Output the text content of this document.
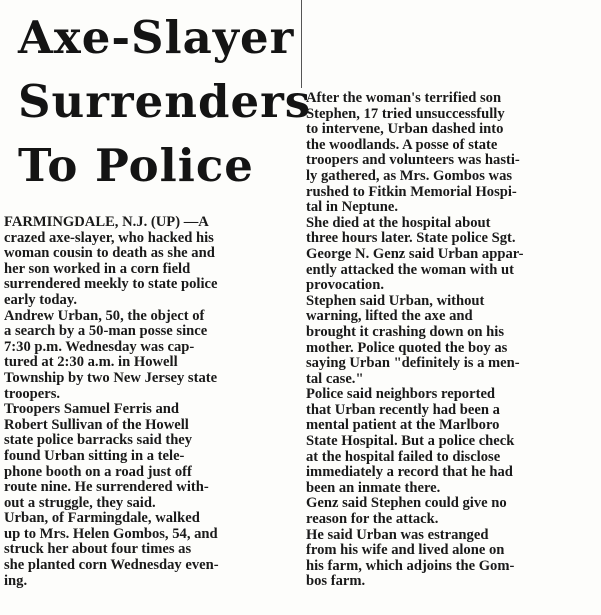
Axe-Slayer
Surrenders
To Police

FARMINGDALE, N.J. (UP) —A
crazed axe-slayer, who hacked his
woman cousin to death as she and
her son worked in a corn field
surrendered meekly to state police
early today.

Andrew Urban, 50, the object of
a search by a 50-man posse since
7:30 p.m. Wednesday was cap-
tured at 2:30 a.m. in Howell
Township by two New Jersey state
troopers.

Troopers Samuel Ferris and
Robert Sullivan of the Howell
state police barracks said they
found Urban sitting in a tele-
phone booth on a road just off
route nine. He surrendered with-
out a struggle, they said.

Urban, of Farmingdale, walked
up to Mrs. Helen Gombos, 54, and
struck her about four times as
she planted corn Wednesday even-
ing.

After the woman's terrified son
Stephen, 17 tried unsuccessfully
to intervene, Urban dashed into
the woodlands. A posse of state
troopers and volunteers was hasti-
ly gathered, as Mrs. Gombos was
rushed to Fitkin Memorial Hospi-
tal in Neptune.

She died at the hospital about
three hours later. State police Sgt.
George N. Genz said Urban appar-
ently attacked the woman with ut
provocation.

Stephen said Urban, without
warning, lifted the axe and
brought it crashing down on his
mother. Police quoted the boy as
saying Urban "definitely is a men-
tal case."

Police said neighbors reported
that Urban recently had been a
mental patient at the Marlboro
State Hospital. But a police check
at the hospital failed to disclose
immediately a record that he had
been an inmate there.

Genz said Stephen could give no
reason for the attack.

He said Urban was estranged
from his wife and lived alone on
his farm, which adjoins the Gom-
bos farm.
